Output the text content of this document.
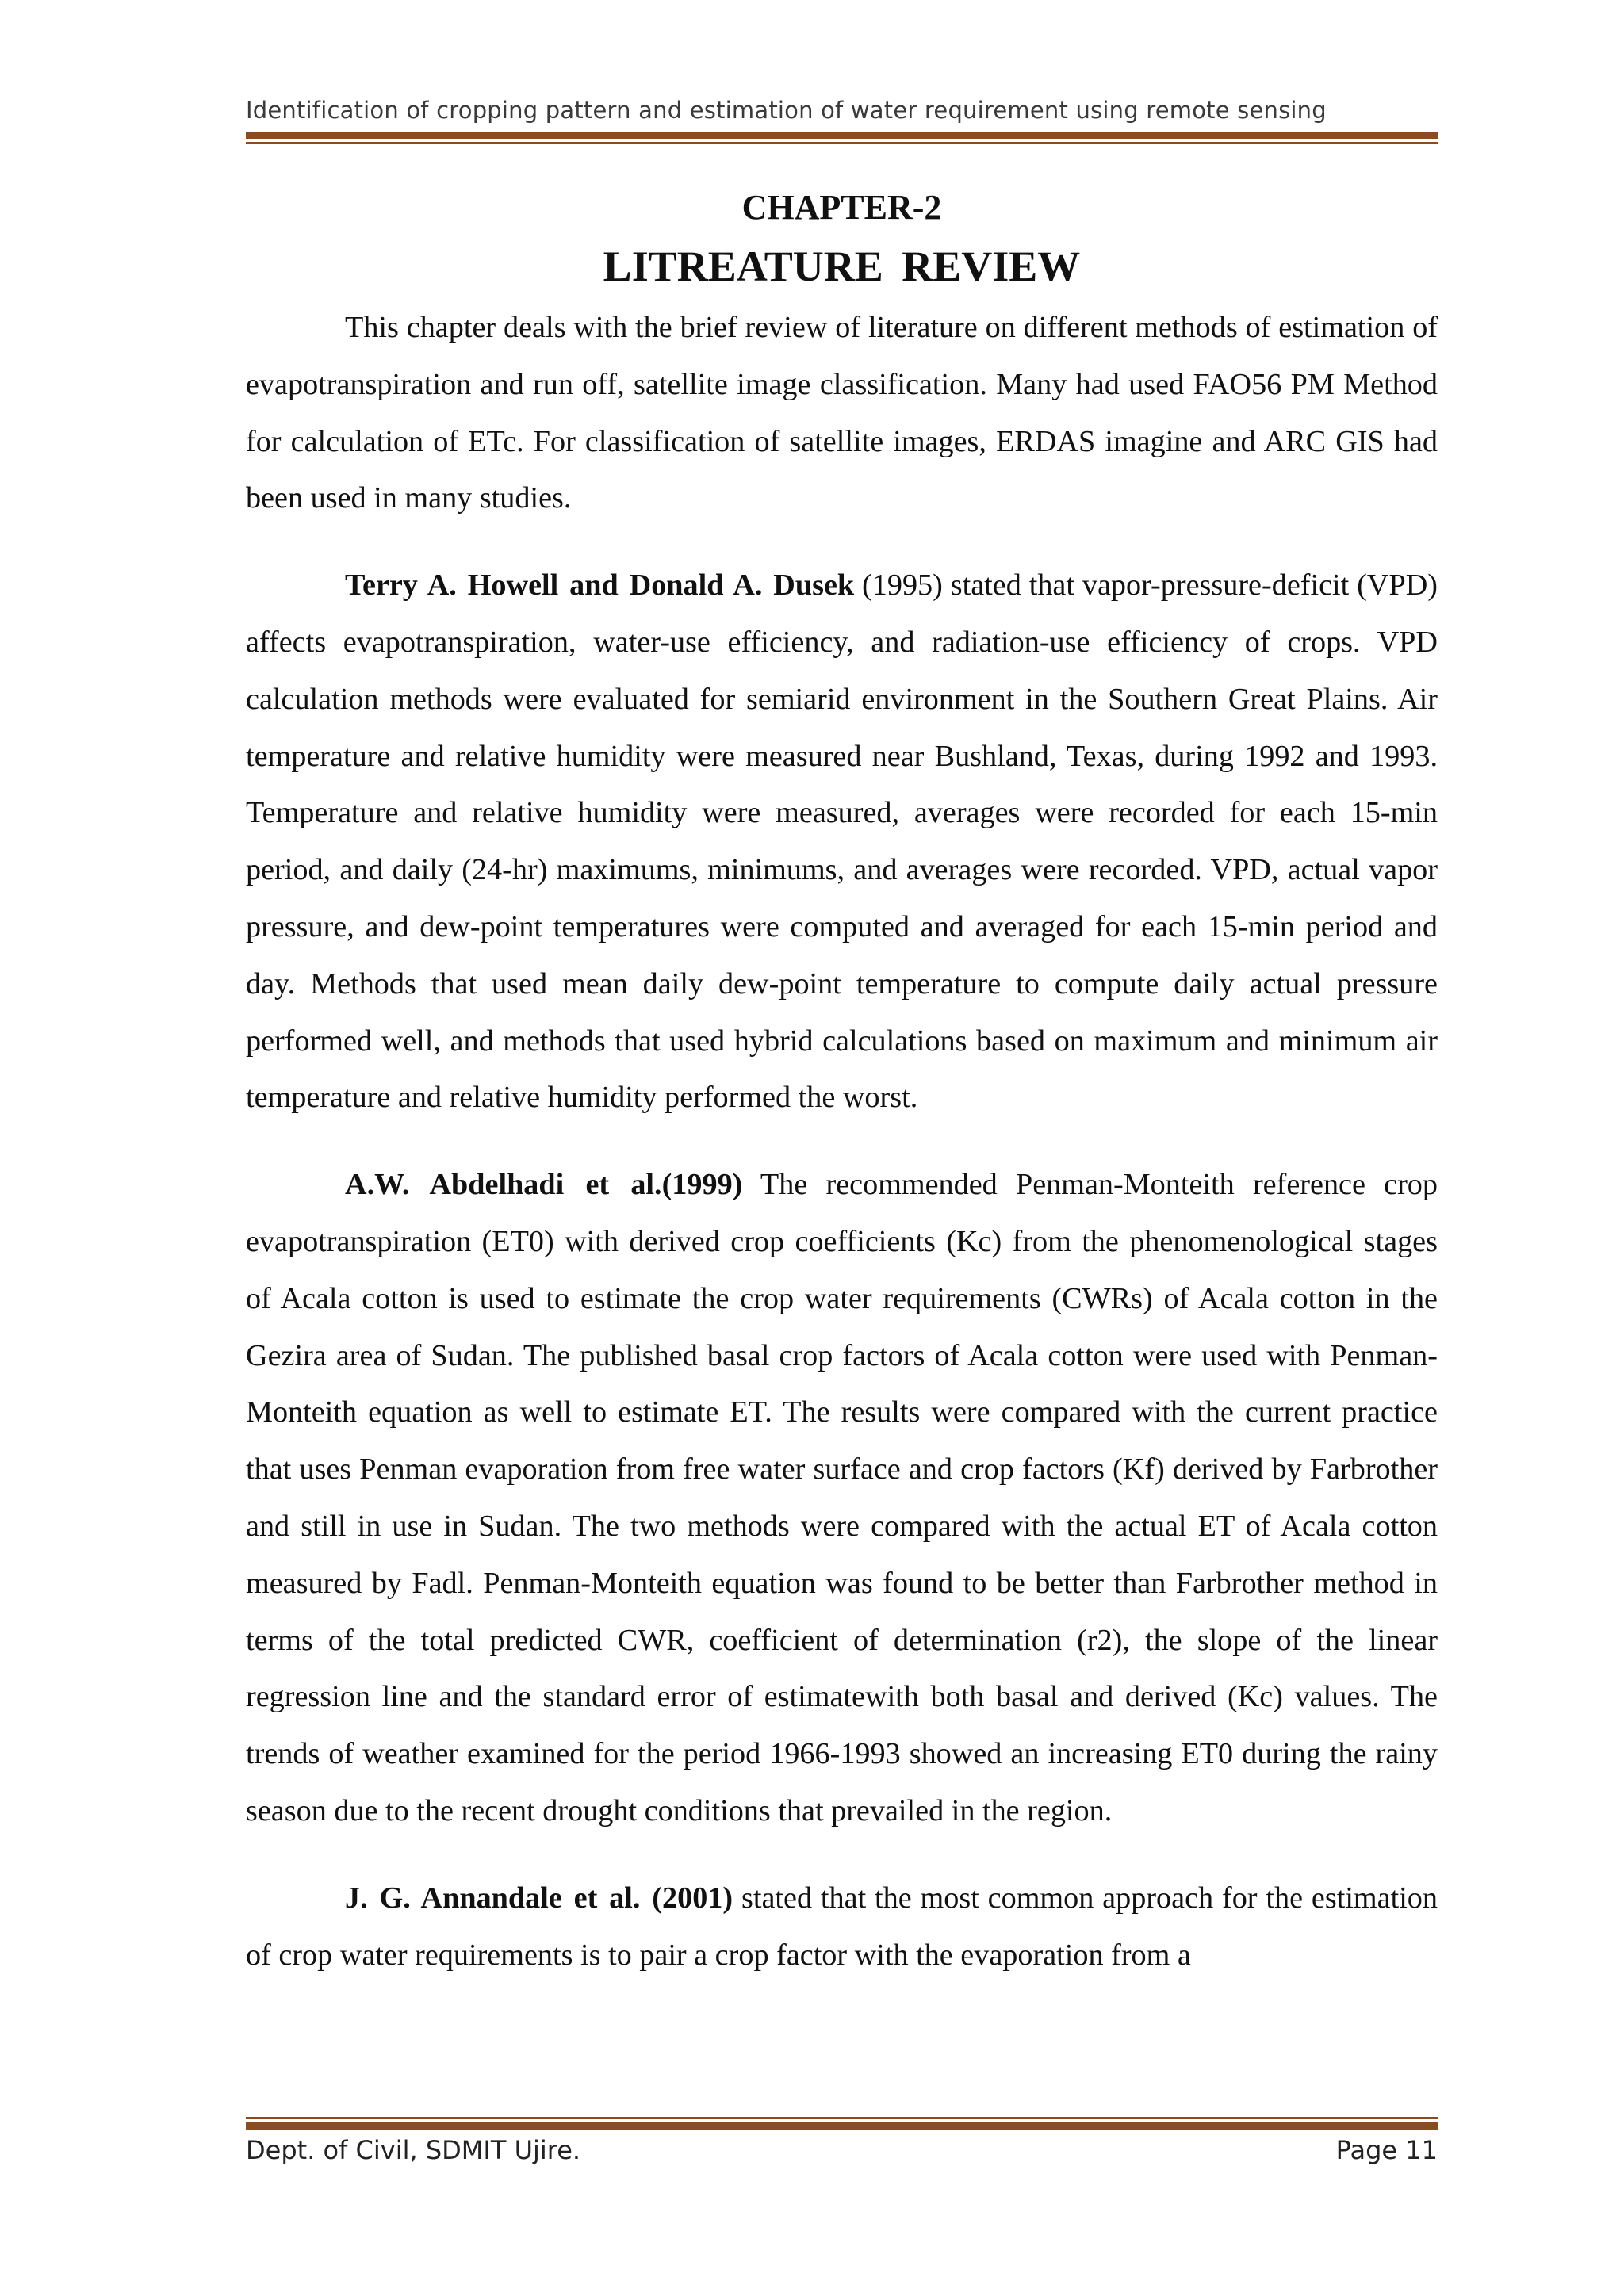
Identification of cropping pattern and estimation of water requirement using remote sensing
CHAPTER-2
LITREATURE REVIEW

This chapter deals with the brief review of literature on different methods of estimation of evapotranspiration and run off, satellite image classification. Many had used FAO56 PM Method for calculation of ETc. For classification of satellite images, ERDAS imagine and ARC GIS had been used in many studies.

Terry A. Howell and Donald A. Dusek (1995) stated that vapor-pressure-deficit (VPD) affects evapotranspiration, water-use efficiency, and radiation-use efficiency of crops. VPD calculation methods were evaluated for semiarid environment in the Southern Great Plains. Air temperature and relative humidity were measured near Bushland, Texas, during 1992 and 1993. Temperature and relative humidity were measured, averages were recorded for each 15-min period, and daily (24-hr) maximums, minimums, and averages were recorded. VPD, actual vapor pressure, and dew-point temperatures were computed and averaged for each 15-min period and day. Methods that used mean daily dew-point temperature to compute daily actual pressure performed well, and methods that used hybrid calculations based on maximum and minimum air temperature and relative humidity performed the worst.

A.W. Abdelhadi et al.(1999) The recommended Penman-Monteith reference crop evapotranspiration (ET0) with derived crop coefficients (Kc) from the phenomenological stages of Acala cotton is used to estimate the crop water requirements (CWRs) of Acala cotton in the Gezira area of Sudan. The published basal crop factors of Acala cotton were used with Penman-Monteith equation as well to estimate ET. The results were compared with the current practice that uses Penman evaporation from free water surface and crop factors (Kf) derived by Farbrother and still in use in Sudan. The two methods were compared with the actual ET of Acala cotton measured by Fadl. Penman-Monteith equation was found to be better than Farbrother method in terms of the total predicted CWR, coefficient of determination (r2), the slope of the linear regression line and the standard error of estimatewith both basal and derived (Kc) values. The trends of weather examined for the period 1966-1993 showed an increasing ET0 during the rainy season due to the recent drought conditions that prevailed in the region.

J. G. Annandale et al. (2001) stated that the most common approach for the estimation of crop water requirements is to pair a crop factor with the evaporation from a

Dept. of Civil, SDMIT Ujire.	Page 11
